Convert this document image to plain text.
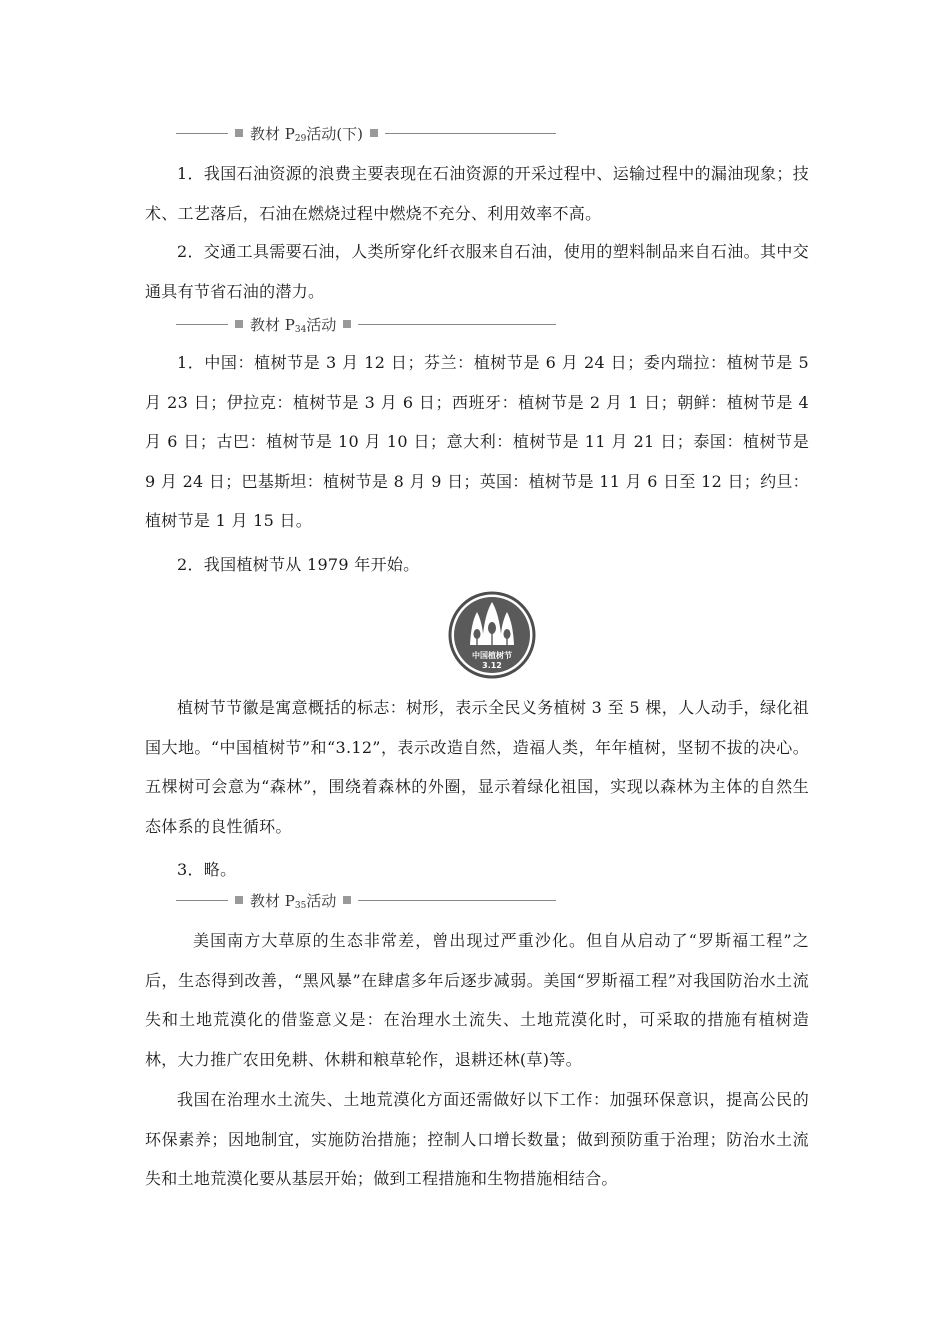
教材 $P_{29}$活动(下)

1．我国石油资源的浪费主要表现在石油资源的开采过程中、运输过程中的漏油现象；技术、工艺落后，石油在燃烧过程中燃烧不充分、利用效率不高。

2．交通工具需要石油，人类所穿化纤衣服来自石油，使用的塑料制品来自石油。其中交通具有节省石油的潜力。

教材 $P_{34}$活动

1．中国：植树节是 3 月 12 日；芬兰：植树节是 6 月 24 日；委内瑞拉：植树节是 5 月 23 日；伊拉克：植树节是 3 月 6 日；西班牙：植树节是 2 月 1 日；朝鲜：植树节是 4 月 6 日；古巴：植树节是 10 月 10 日；意大利：植树节是 11 月 21 日；泰国：植树节是 9 月 24 日；巴基斯坦：植树节是 8 月 9 日；英国：植树节是 11 月 6 日至 12 日；约旦：植树节是 1 月 15 日。

2．我国植树节从 1979 年开始。

中国植树节
3.12

植树节节徽是寓意概括的标志：树形，表示全民义务植树 3 至 5 棵，人人动手，绿化祖国大地。“中国植树节”和“3.12”，表示改造自然，造福人类，年年植树，坚韧不拔的决心。五棵树可会意为“森林”，围绕着森林的外圈，显示着绿化祖国，实现以森林为主体的自然生态体系的良性循环。

3．略。

教材 $P_{35}$活动

美国南方大草原的生态非常差，曾出现过严重沙化。但自从启动了“罗斯福工程”之后，生态得到改善，“黑风暴”在肆虐多年后逐步减弱。美国“罗斯福工程”对我国防治水土流失和土地荒漠化的借鉴意义是：在治理水土流失、土地荒漠化时，可采取的措施有植树造林，大力推广农田免耕、休耕和粮草轮作，退耕还林(草)等。

我国在治理水土流失、土地荒漠化方面还需做好以下工作：加强环保意识，提高公民的环保素养；因地制宜，实施防治措施；控制人口增长数量；做到预防重于治理；防治水土流失和土地荒漠化要从基层开始；做到工程措施和生物措施相结合。
